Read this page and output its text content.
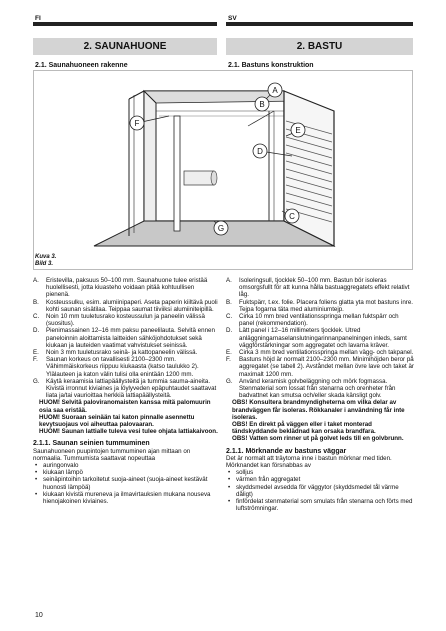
FI	SV
2. SAUNAHUONE	2. BASTU
2.1. Saunahuoneen rakenne	2.1. Bastuns konstruktion
A
B
C
D
E
F
G
Kuva 3.
Bild 3.
A. Eristevilla, paksuus 50–100 mm. Saunahuone tulee eristää huolellisesti, jotta kiuasteho voidaan pitää kohtuullisen pienenä.
B. Kosteussulku, esim. alumiinipaperi. Aseta paperin kiiltävä puoli kohti saunan sisätilaa. Teippaa saumat tiiviiksi alumiiniteipillä.
C. Noin 10 mm tuuletusrako kosteussulun ja paneelin välissä (suositus).
D. Pienimassainen 12–16 mm paksu paneelilauta. Selvitä ennen paneloinnin aloittamista laitteiden sähköjohdotukset sekä kiukaan ja lauteiden vaatimat vahvistukset seinissä.
E. Noin 3 mm tuuletusrako seinä- ja kattopaneelin välissä.
F. Saunan korkeus on tavallisesti 2100–2300 mm. Vähimmäiskorkeus riippuu kiukaasta (katso taulukko 2). Ylälauteen ja katon välin tulisi olla enintään 1200 mm.
G. Käytä keraamisia lattiapäällysteitä ja tummia sauma-aineita. Kivistä irronnut kiviaines ja löylyveden epäpuhtaudet saattavat liata ja/tai vaurioittaa herkkiä lattiapäällysteitä.
HUOM! Selvitä paloviranomaisten kanssa mitä palomuurin osia saa eristää.
HUOM! Suoraan seinään tai katon pinnalle asennettu kevytsuojaus voi aiheuttaa palovaaran.
HUOM! Saunan lattialle tuleva vesi tulee ohjata lattiakaivoon.
2.1.1. Saunan seinien tummuminen
Saunahuoneen puupintojen tummuminen ajan mittaan on normaalia. Tummumista saattavat nopeuttaa
• auringonvalo
• kiukaan lämpö
• seinäpintoihin tarkoitetut suoja-aineet (suoja-aineet kestävät huonosti lämpöä)
• kiukaan kivistä mureneva ja ilmavirtauksien mukana nouseva hienojakoinen kiviaines.
A. Isoleringsull, tjocklek 50–100 mm. Bastun bör isoleras omsorgsfullt för att kunna hålla bastuaggregatets effekt relativt låg.
B. Fuktspärr, t.ex. folie. Placera foliens glatta yta mot bastuns inre. Tejpa fogarna täta med aluminiumtejp.
C. Cirka 10 mm bred ventilationsspringa mellan fuktspärr och panel (rekommendation).
D. Lätt panel i 12–16 millimeters tjocklek. Utred anläggningarnaselanslutningarinnanpanelningen inleds, samt väggförstärkningar som aggregatet och lavarna kräver.
E. Cirka 3 mm bred ventilationsspringa mellan vägg- och takpanel.
F. Bastuns höjd är normalt 2100–2300 mm. Minimihöjden beror på aggregatet (se tabell 2). Avståndet mellan övre lave och taket är maximalt 1200 mm.
G. Använd keramisk golvbeläggning och mörk fogmassa. Stenmaterial som lossat från stenarna och orenheter från badvattnet kan smutsa och/eller skada känsligt golv.
OBS! Konsultera brandmyndigheterna om vilka delar av brandväggen får isoleras. Rökkanaler i användning får inte isoleras.
OBS! En direkt på väggen eller i taket monterad tändskyddande beklädnad kan orsaka brandfara.
OBS! Vatten som rinner ut på golvet leds till en golvbrunn.
2.1.1. Mörknande av bastuns väggar
Det är normalt att träytorna inne i bastun mörknar med tiden. Mörknandet kan försnabbas av
• solljus
• värmen från aggregatet
• skyddsmedel avsedda för väggytor (skyddsmedel tål värme dåligt)
• finfördelat stenmaterial som smulats från stenarna och förts med luftströmningar.
10
